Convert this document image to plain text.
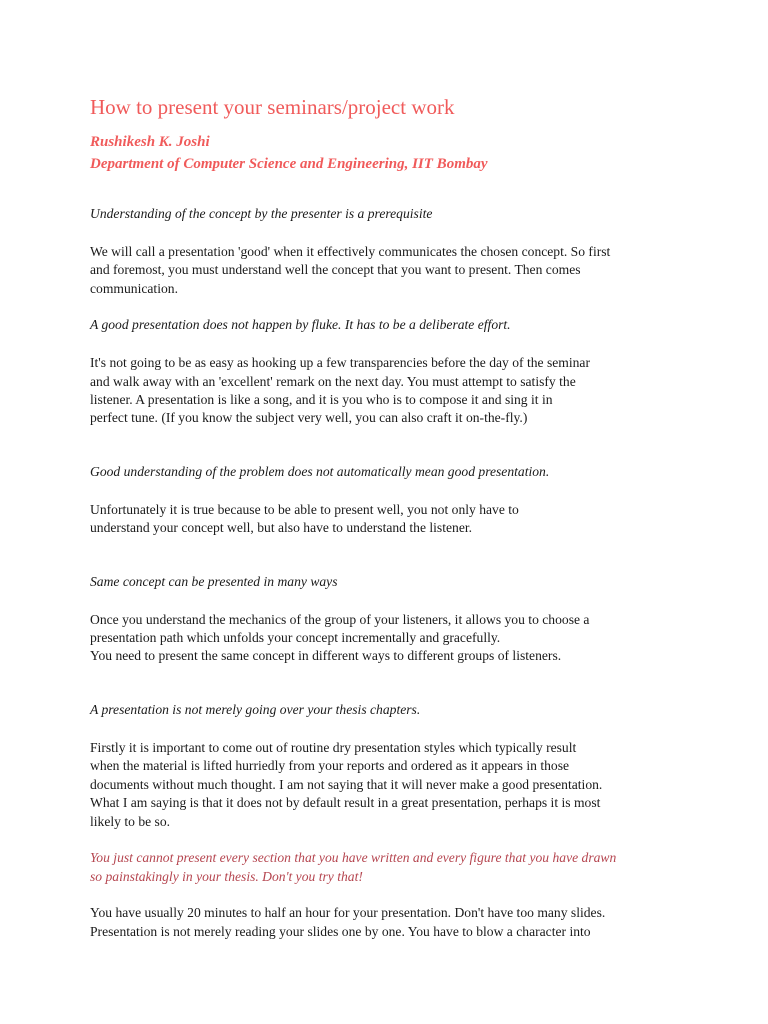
How to present your seminars/project work
Rushikesh K. Joshi
Department of Computer Science and Engineering, IIT Bombay

Understanding of the concept by the presenter is a prerequisite

We will call a presentation 'good' when it effectively communicates the chosen concept. So first
and foremost, you must understand well the concept that you want to present. Then comes
communication.

A good presentation does not happen by fluke. It has to be a deliberate effort.

It's not going to be as easy as hooking up a few transparencies before the day of the seminar
and walk away with an 'excellent' remark on the next day. You must attempt to satisfy the
listener. A presentation is like a song, and it is you who is to compose it and sing it in
perfect tune. (If you know the subject very well, you can also craft it on-the-fly.)

Good understanding of the problem does not automatically mean good presentation.

Unfortunately it is true because to be able to present well, you not only have to
understand your concept well, but also have to understand the listener.

Same concept can be presented in many ways

Once you understand the mechanics of the group of your listeners, it allows you to choose a
presentation path which unfolds your concept incrementally and gracefully.
You need to present the same concept in different ways to different groups of listeners.

A presentation is not merely going over your thesis chapters.

Firstly it is important to come out of routine dry presentation styles which typically result
when the material is lifted hurriedly from your reports and ordered as it appears in those
documents without much thought. I am not saying that it will never make a good presentation.
What I am saying is that it does not by default result in a great presentation, perhaps it is most
likely to be so.
You just cannot present every section that you have written and every figure that you have drawn
so painstakingly in your thesis. Don't you try that!
You have usually 20 minutes to half an hour for your presentation. Don't have too many slides.
Presentation is not merely reading your slides one by one. You have to blow a character into
